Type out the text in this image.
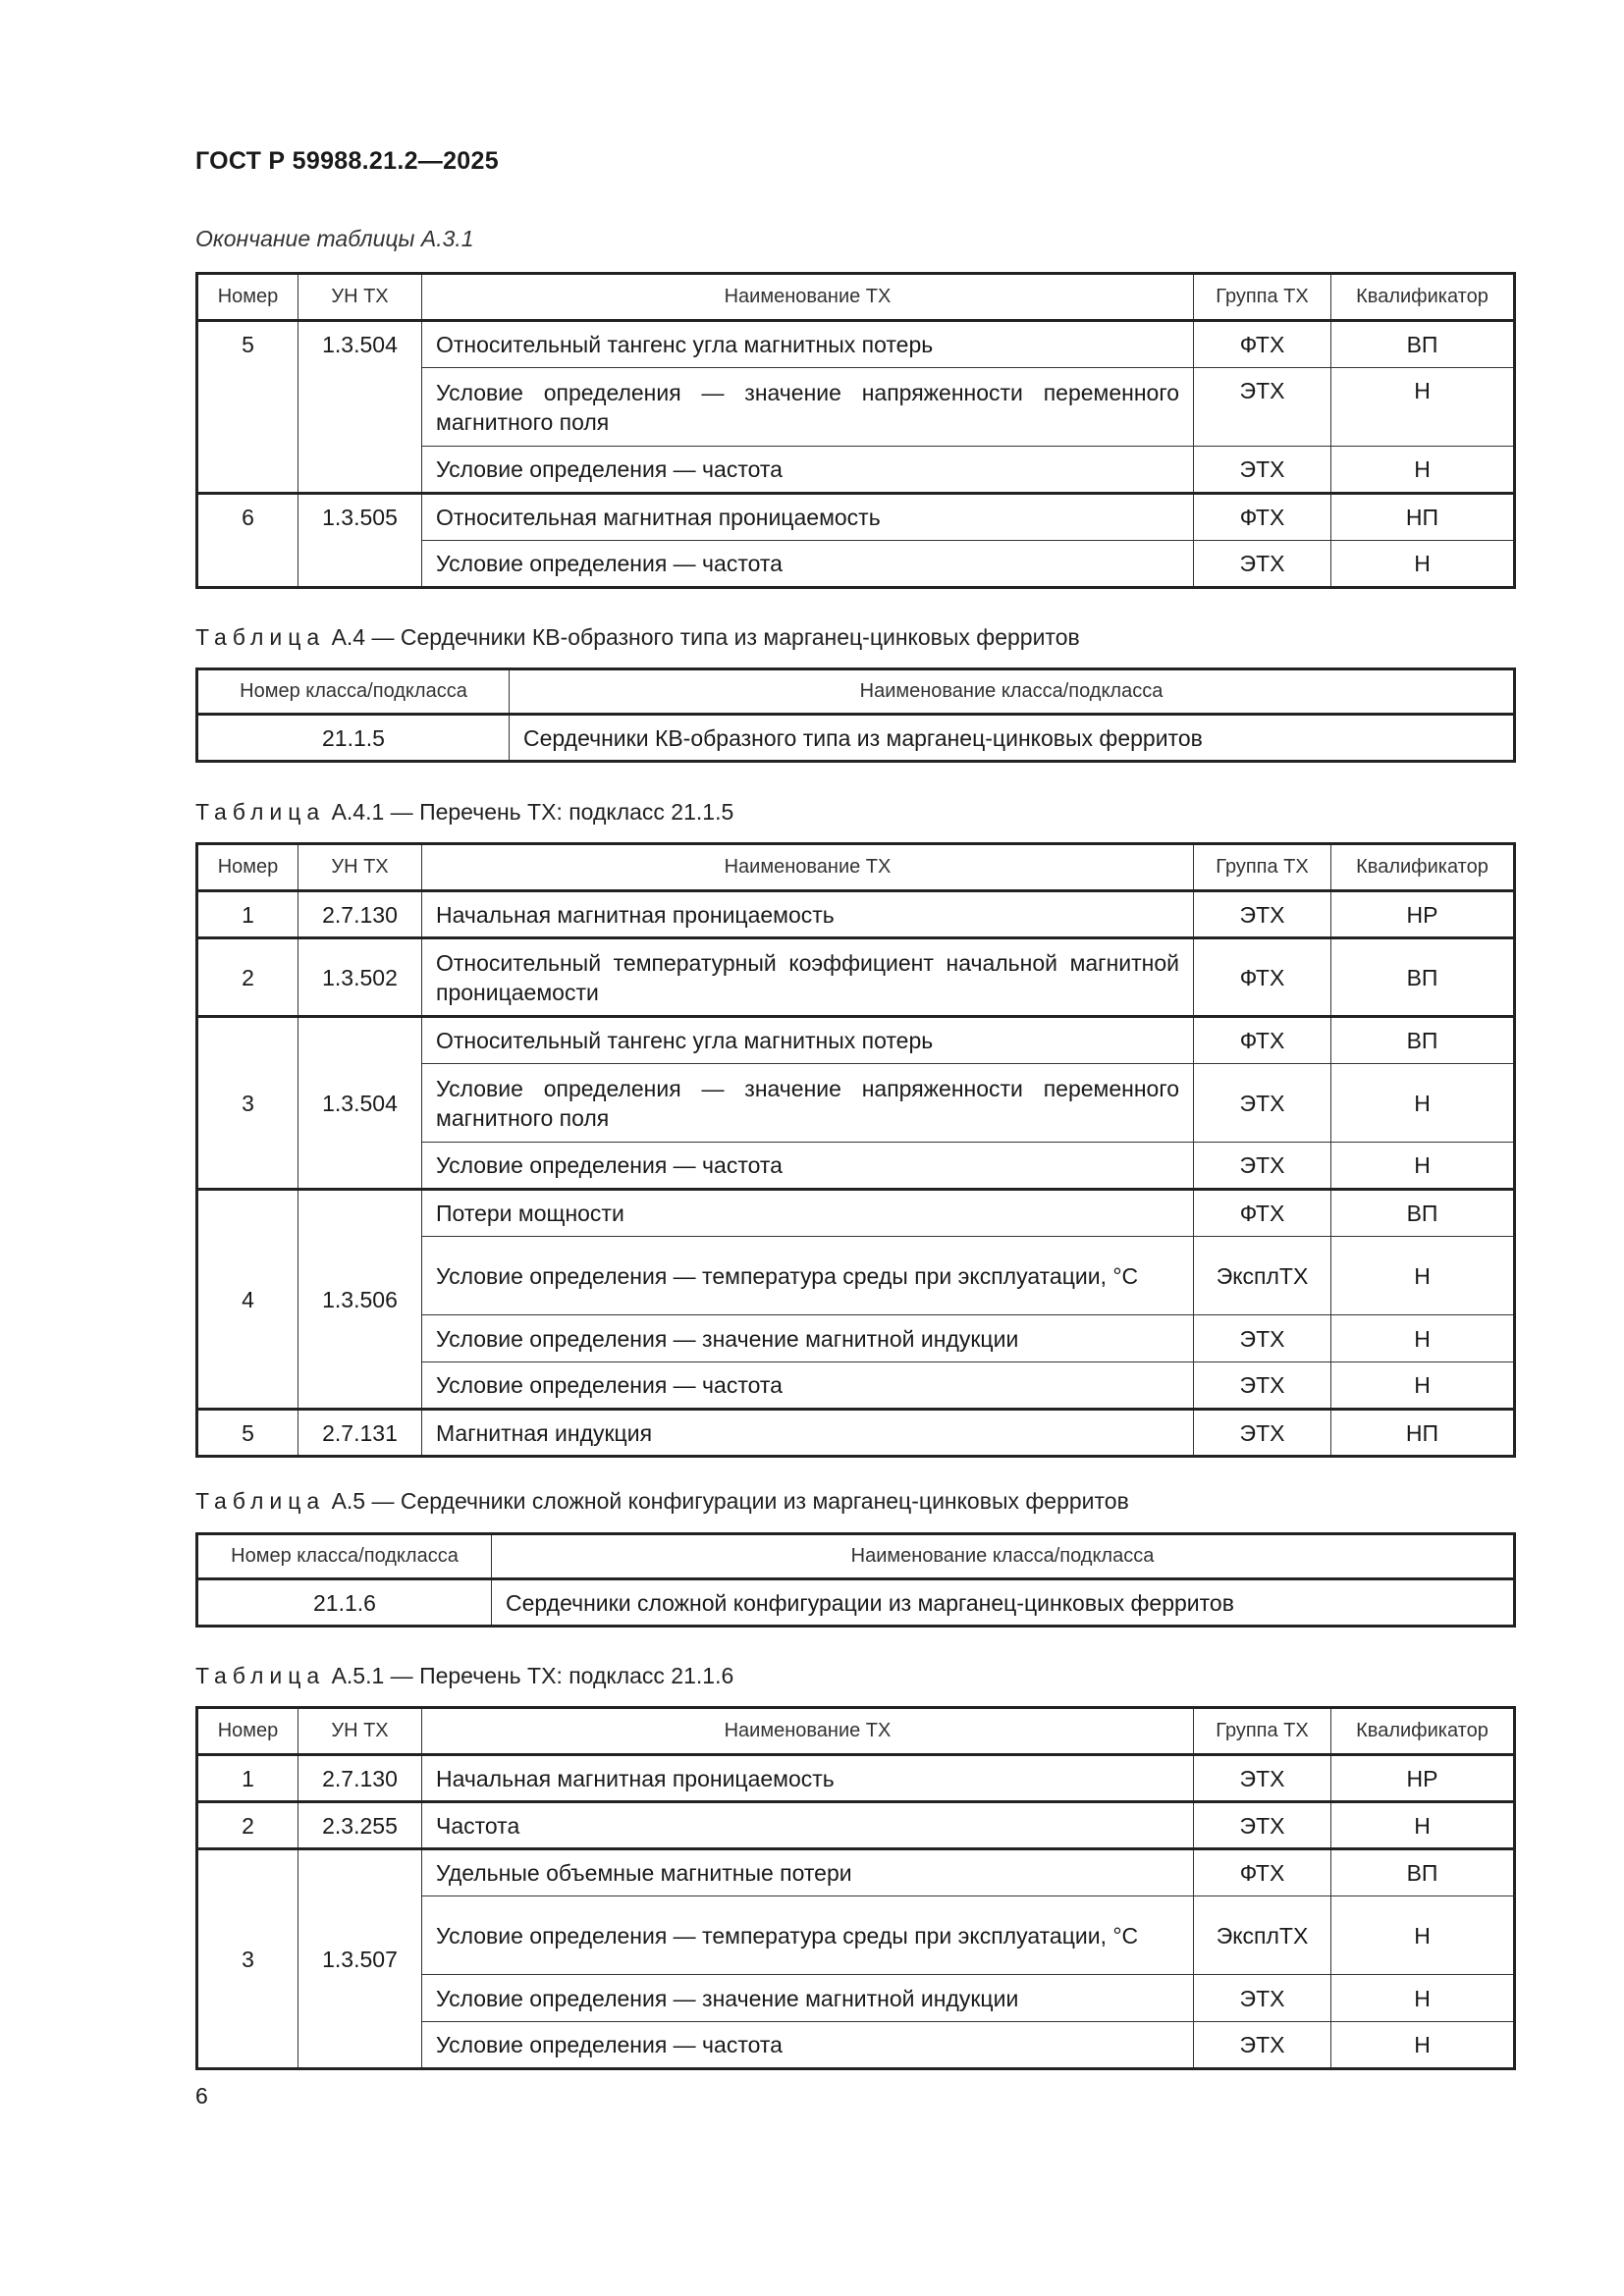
ГОСТ Р 59988.21.2—2025
Окончание таблицы А.3.1
Номер	УН ТХ	Наименование ТХ	Группа ТХ	Квалификатор
5	1.3.504	Относительный тангенс угла магнитных потерь	ФТХ	ВП
		Условие определения — значение напряженности переменного магнитного поля	ЭТХ	Н
		Условие определения — частота	ЭТХ	Н
6	1.3.505	Относительная магнитная проницаемость	ФТХ	НП
		Условие определения — частота	ЭТХ	Н
Таблица А.4 — Сердечники КВ-образного типа из марганец-цинковых ферритов
Номер класса/подкласса	Наименование класса/подкласса
21.1.5	Сердечники КВ-образного типа из марганец-цинковых ферритов
Таблица А.4.1 — Перечень ТХ: подкласс 21.1.5
Номер	УН ТХ	Наименование ТХ	Группа ТХ	Квалификатор
1	2.7.130	Начальная магнитная проницаемость	ЭТХ	НР
2	1.3.502	Относительный температурный коэффициент начальной магнитной проницаемости	ФТХ	ВП
3	1.3.504	Относительный тангенс угла магнитных потерь	ФТХ	ВП
		Условие определения — значение напряженности переменного магнитного поля	ЭТХ	Н
		Условие определения — частота	ЭТХ	Н
4	1.3.506	Потери мощности	ФТХ	ВП
		Условие определения — температура среды при эксплуатации, °С	ЭксплТХ	Н
		Условие определения — значение магнитной индукции	ЭТХ	Н
		Условие определения — частота	ЭТХ	Н
5	2.7.131	Магнитная индукция	ЭТХ	НП
Таблица А.5 — Сердечники сложной конфигурации из марганец-цинковых ферритов
Номер класса/подкласса	Наименование класса/подкласса
21.1.6	Сердечники сложной конфигурации из марганец-цинковых ферритов
Таблица А.5.1 — Перечень ТХ: подкласс 21.1.6
Номер	УН ТХ	Наименование ТХ	Группа ТХ	Квалификатор
1	2.7.130	Начальная магнитная проницаемость	ЭТХ	НР
2	2.3.255	Частота	ЭТХ	Н
3	1.3.507	Удельные объемные магнитные потери	ФТХ	ВП
		Условие определения — температура среды при эксплуатации, °С	ЭксплТХ	Н
		Условие определения — значение магнитной индукции	ЭТХ	Н
		Условие определения — частота	ЭТХ	Н
6
